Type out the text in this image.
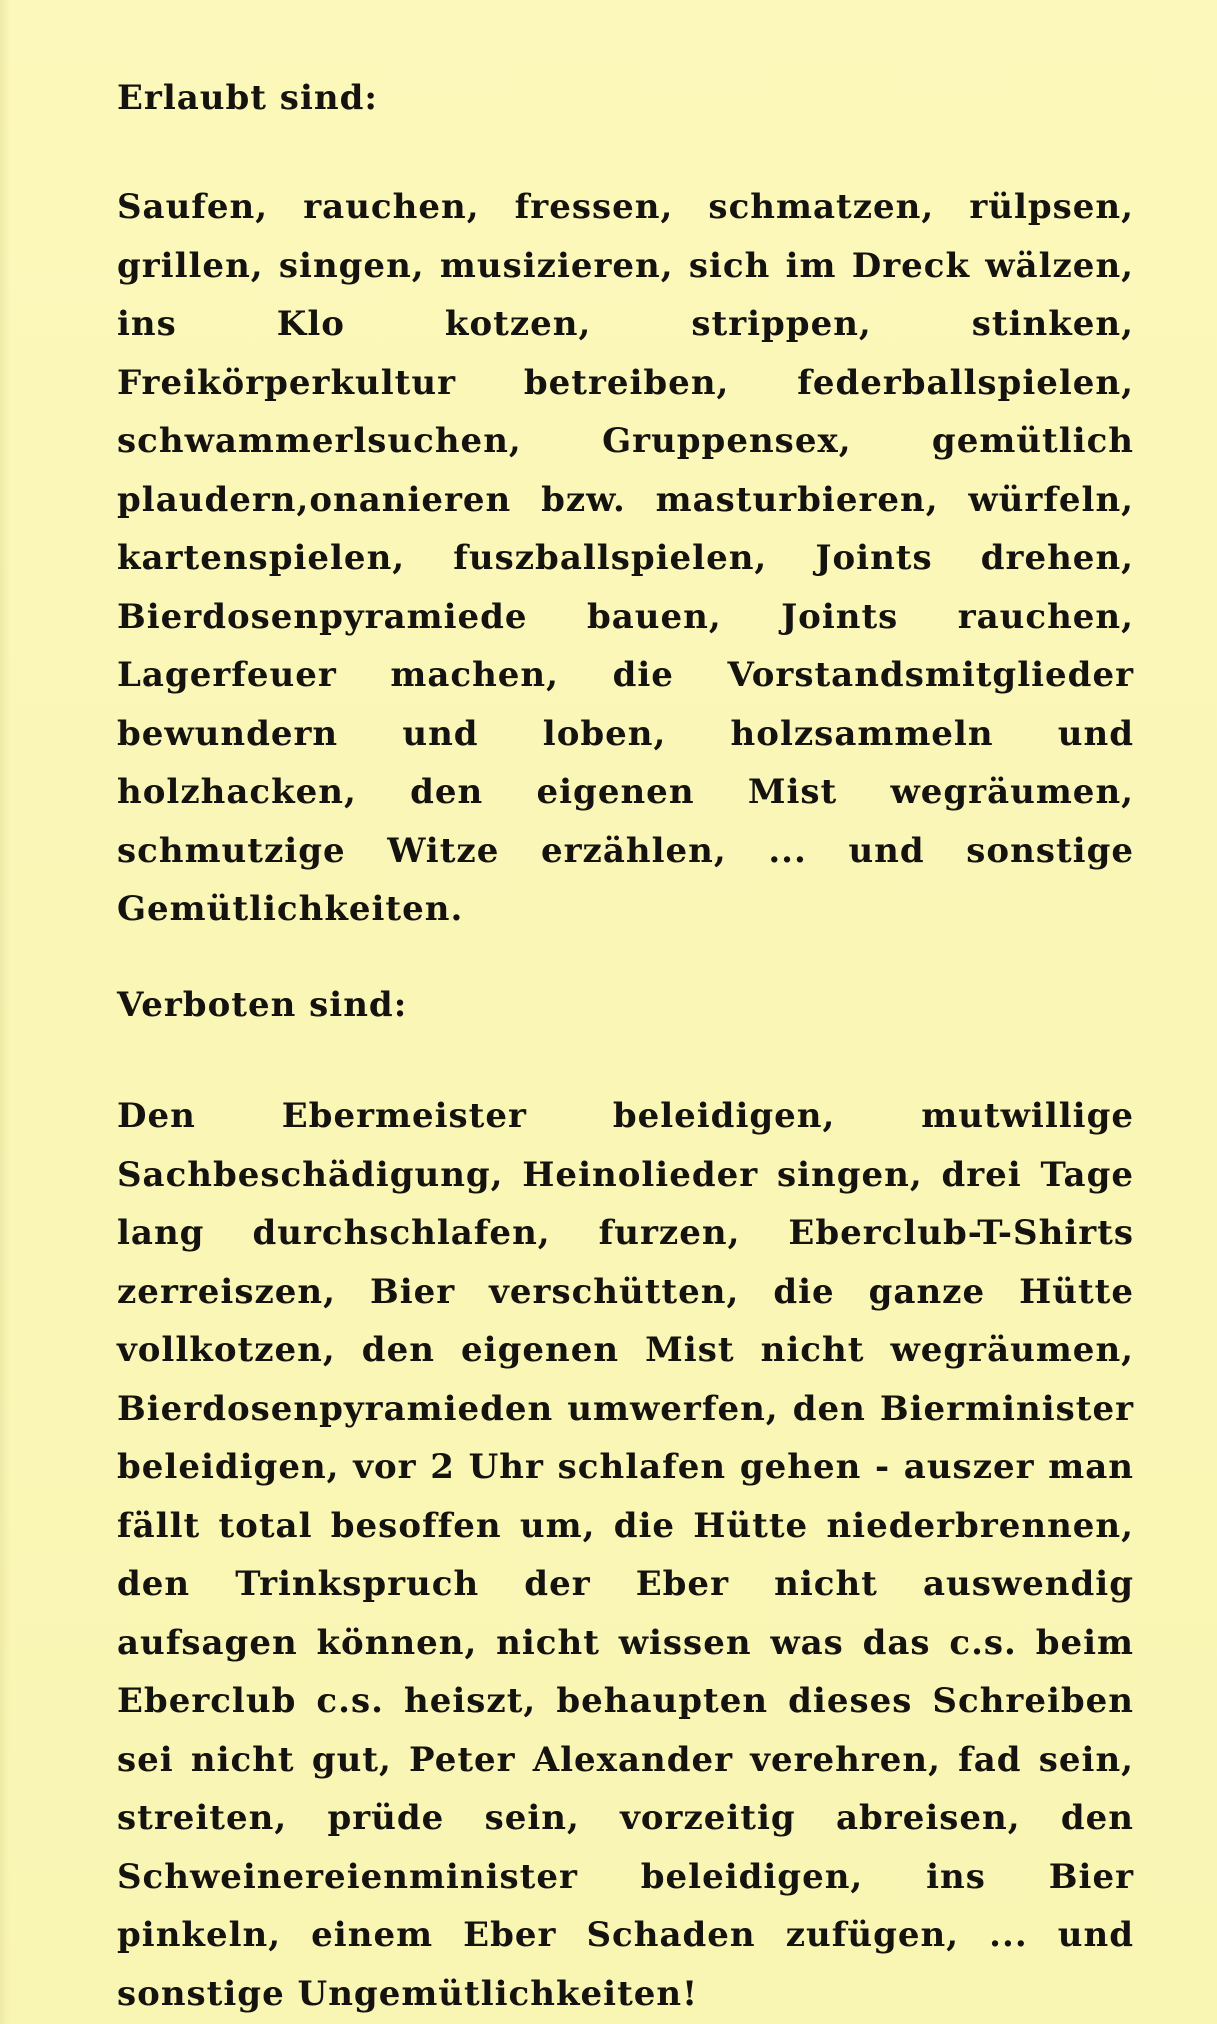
Erlaubt sind:

Saufen, rauchen, fressen, schmatzen, rülpsen, grillen, singen, musizieren, sich im Dreck wälzen, ins Klo kotzen, strippen, stinken, Freikörperkultur betreiben, federballspielen, schwammerlsuchen, Gruppensex, gemütlich plaudern,onanieren bzw. masturbieren, würfeln, kartenspielen, fuszballspielen, Joints drehen, Bierdosenpyramiede bauen, Joints rauchen, Lagerfeuer machen, die Vorstandsmitglieder bewundern und loben, holzsammeln und holzhacken, den eigenen Mist wegräumen, schmutzige Witze erzählen, ... und sonstige Gemütlichkeiten.

Verboten sind:

Den Ebermeister beleidigen, mutwillige Sachbeschädigung, Heinolieder singen, drei Tage lang durchschlafen, furzen, Eberclub-T-Shirts zerreiszen, Bier verschütten, die ganze Hütte vollkotzen, den eigenen Mist nicht wegräumen, Bierdosenpyramieden umwerfen, den Bierminister beleidigen, vor 2 Uhr schlafen gehen - auszer man fällt total besoffen um, die Hütte niederbrennen, den Trinkspruch der Eber nicht auswendig aufsagen können, nicht wissen was das c.s. beim Eberclub c.s. heiszt, behaupten dieses Schreiben sei nicht gut, Peter Alexander verehren, fad sein, streiten, prüde sein, vorzeitig abreisen, den Schweinereienminister beleidigen, ins Bier pinkeln, einem Eber Schaden zufügen, ... und sonstige Ungemütlichkeiten!
